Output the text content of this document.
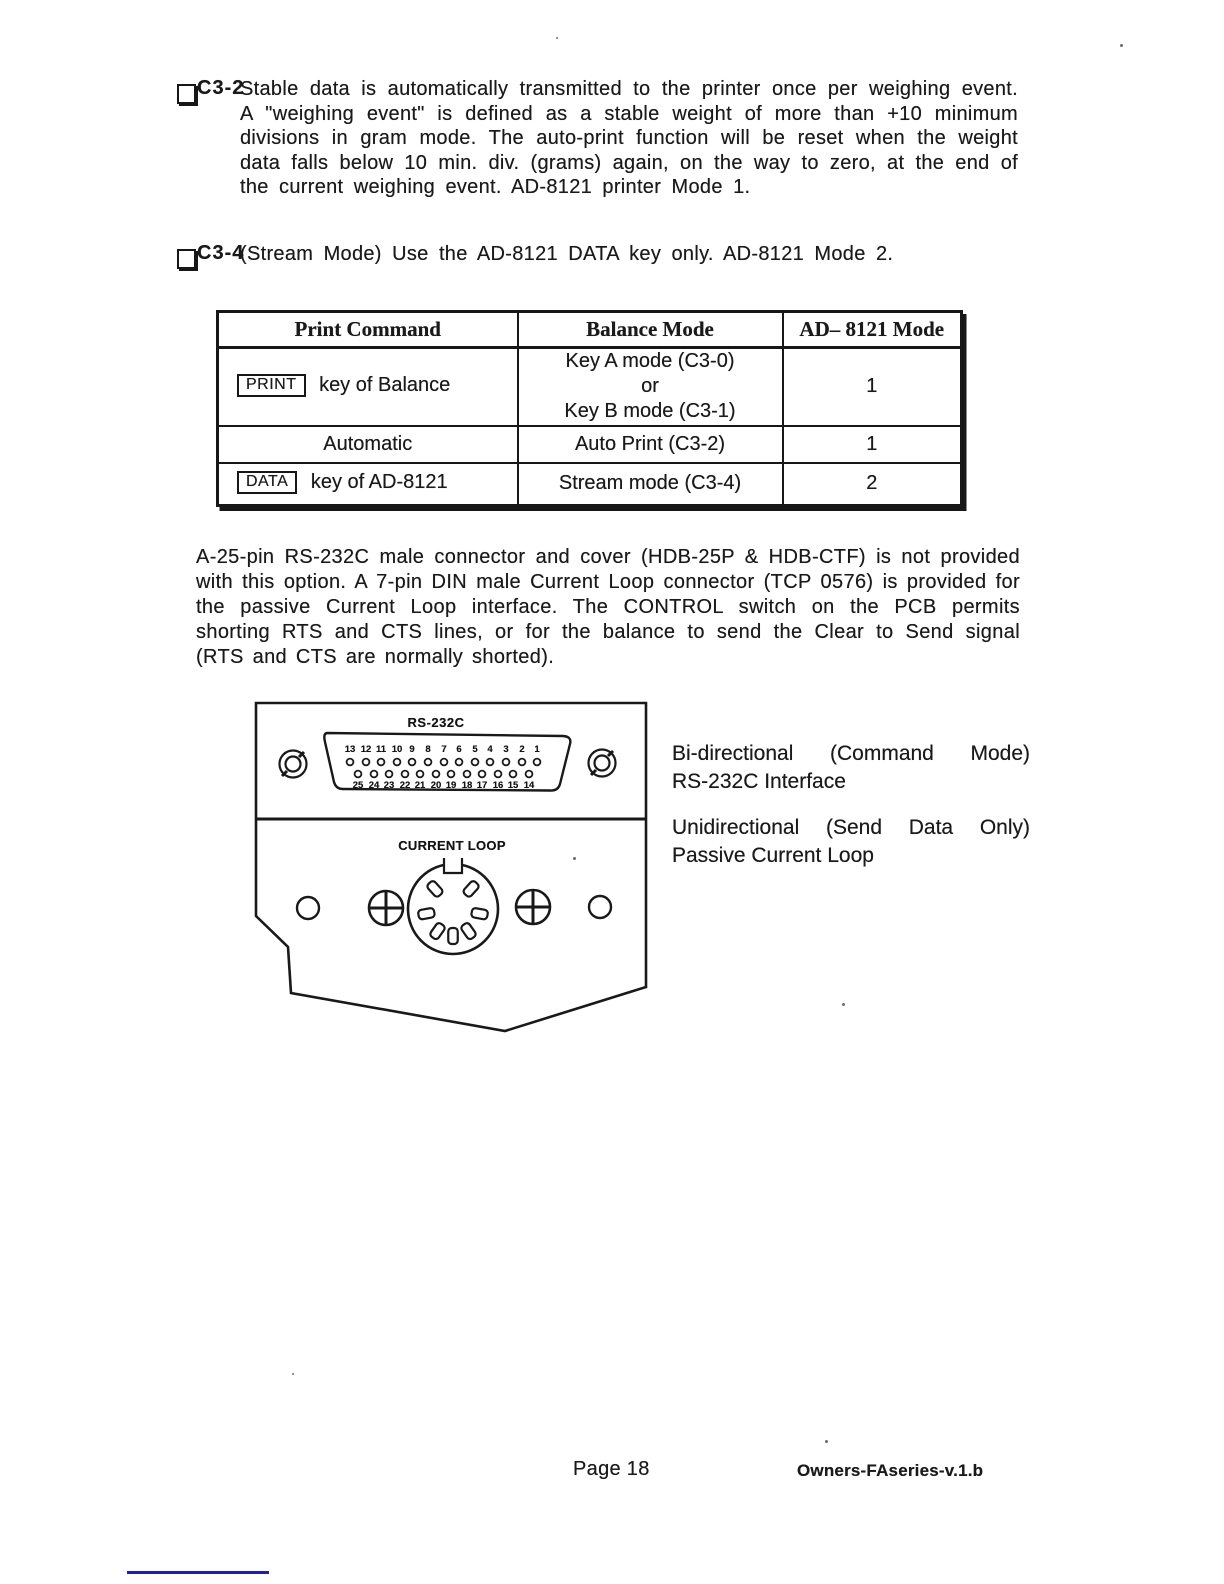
C3-2
Stable data is automatically transmitted to the printer once per weighing event. A "weighing event" is defined as a stable weight of more than +10 minimum divisions in gram mode. The auto-print function will be reset when the weight data falls below 10 min. div. (grams) again, on the way to zero, at the end of the current weighing event. AD-8121 printer Mode 1.
C3-4
(Stream Mode) Use the AD-8121 DATA key only. AD-8121 Mode 2.
Print Command	Balance Mode	AD– 8121 Mode
PRINT key of Balance	Key A mode (C3-0)
or
Key B mode (C3-1)	1
Automatic	Auto Print (C3-2)	1
DATA key of AD-8121	Stream mode (C3-4)	2
A-25-pin RS-232C male connector and cover (HDB-25P & HDB-CTF) is not provided with this option. A 7-pin DIN male Current Loop connector (TCP 0576) is provided for the passive Current Loop interface. The CONTROL switch on the PCB permits shorting RTS and CTS lines, or for the balance to send the Clear to Send signal (RTS and CTS are normally shorted).
RS-232C
CURRENT LOOP
13 12 11 10 9 8 7 6 5 4 3 2 1
25 24 23 22 21 20 19 18 17 16 15 14
Bi-directional (Command Mode)
RS-232C Interface
Unidirectional (Send Data Only)
Passive Current Loop
Page 18	Owners-FAseries-v.1.b
